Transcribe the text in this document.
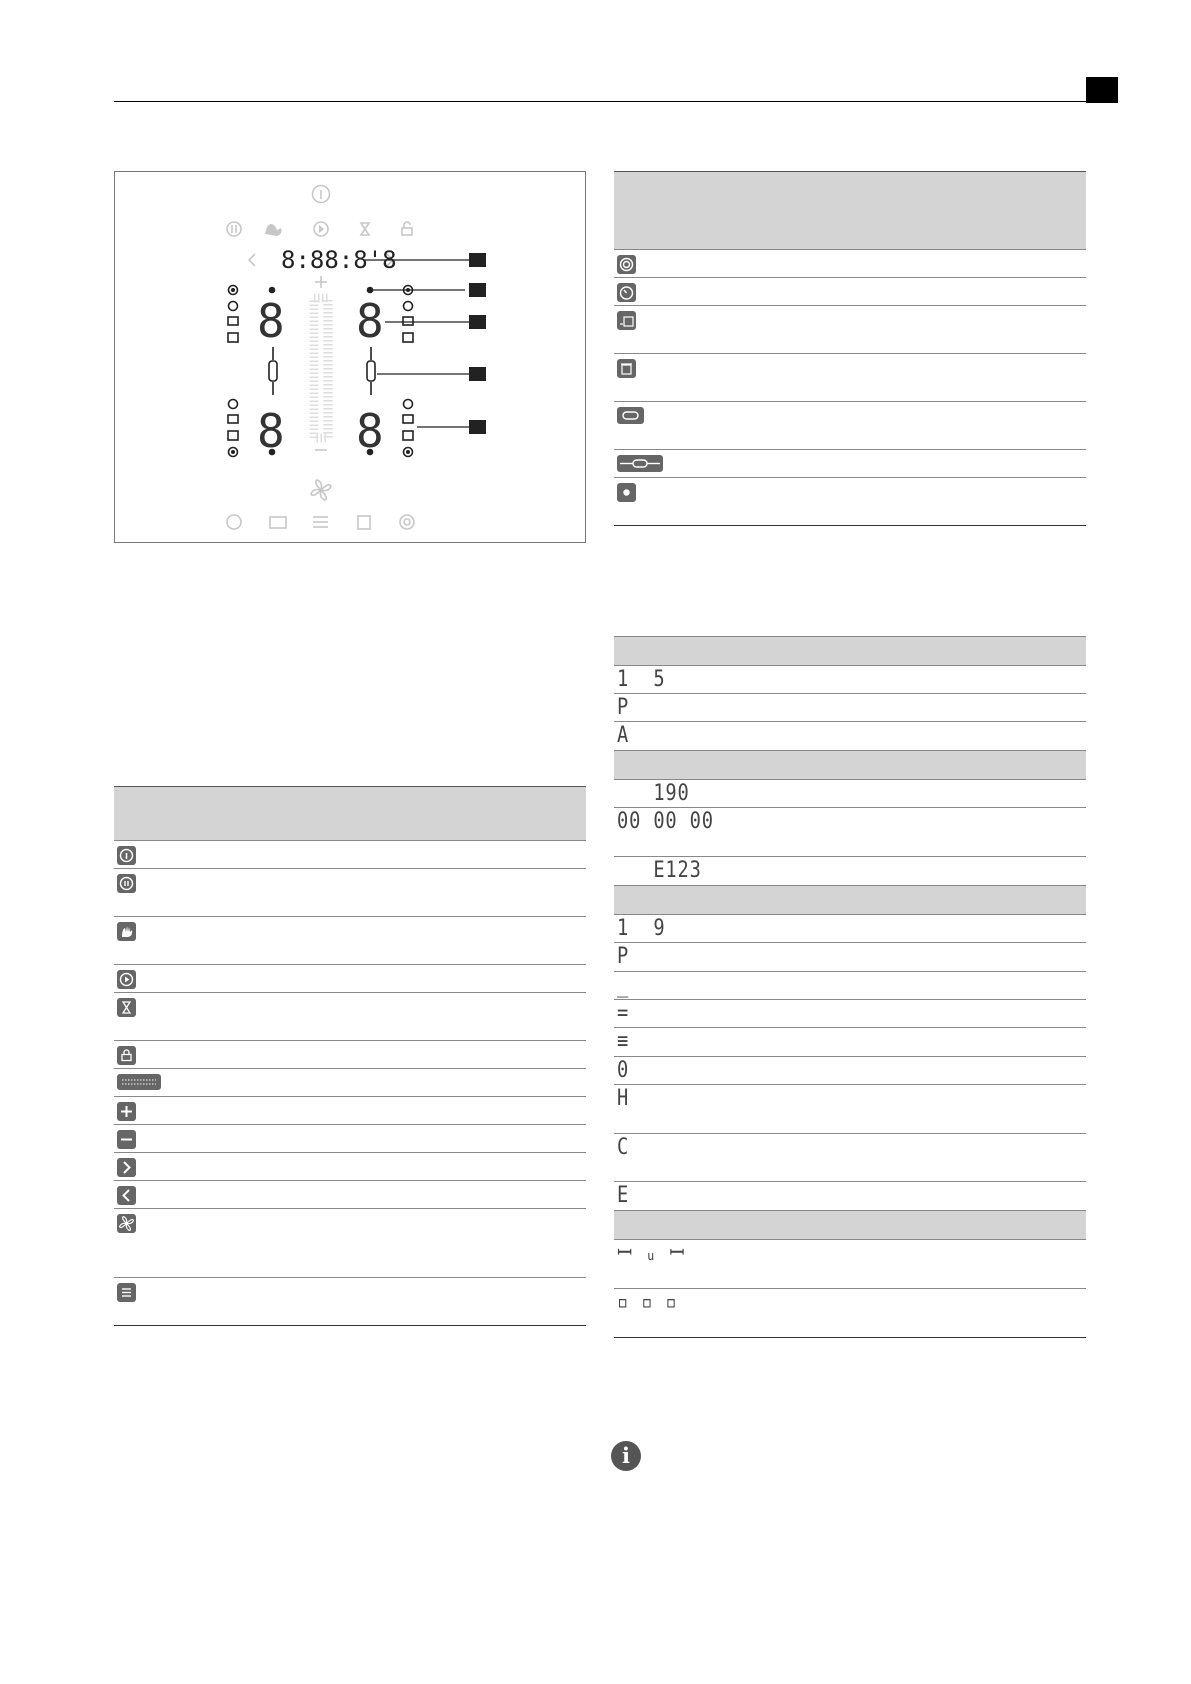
8:88:8'8
8
8
8
8
1  5
P
A
190
00 00 00
E123
1  9
P
_
=
≡
0
H
C
E
ꟷ ᵤ ꟷ
▫ ▫ ▫
i
